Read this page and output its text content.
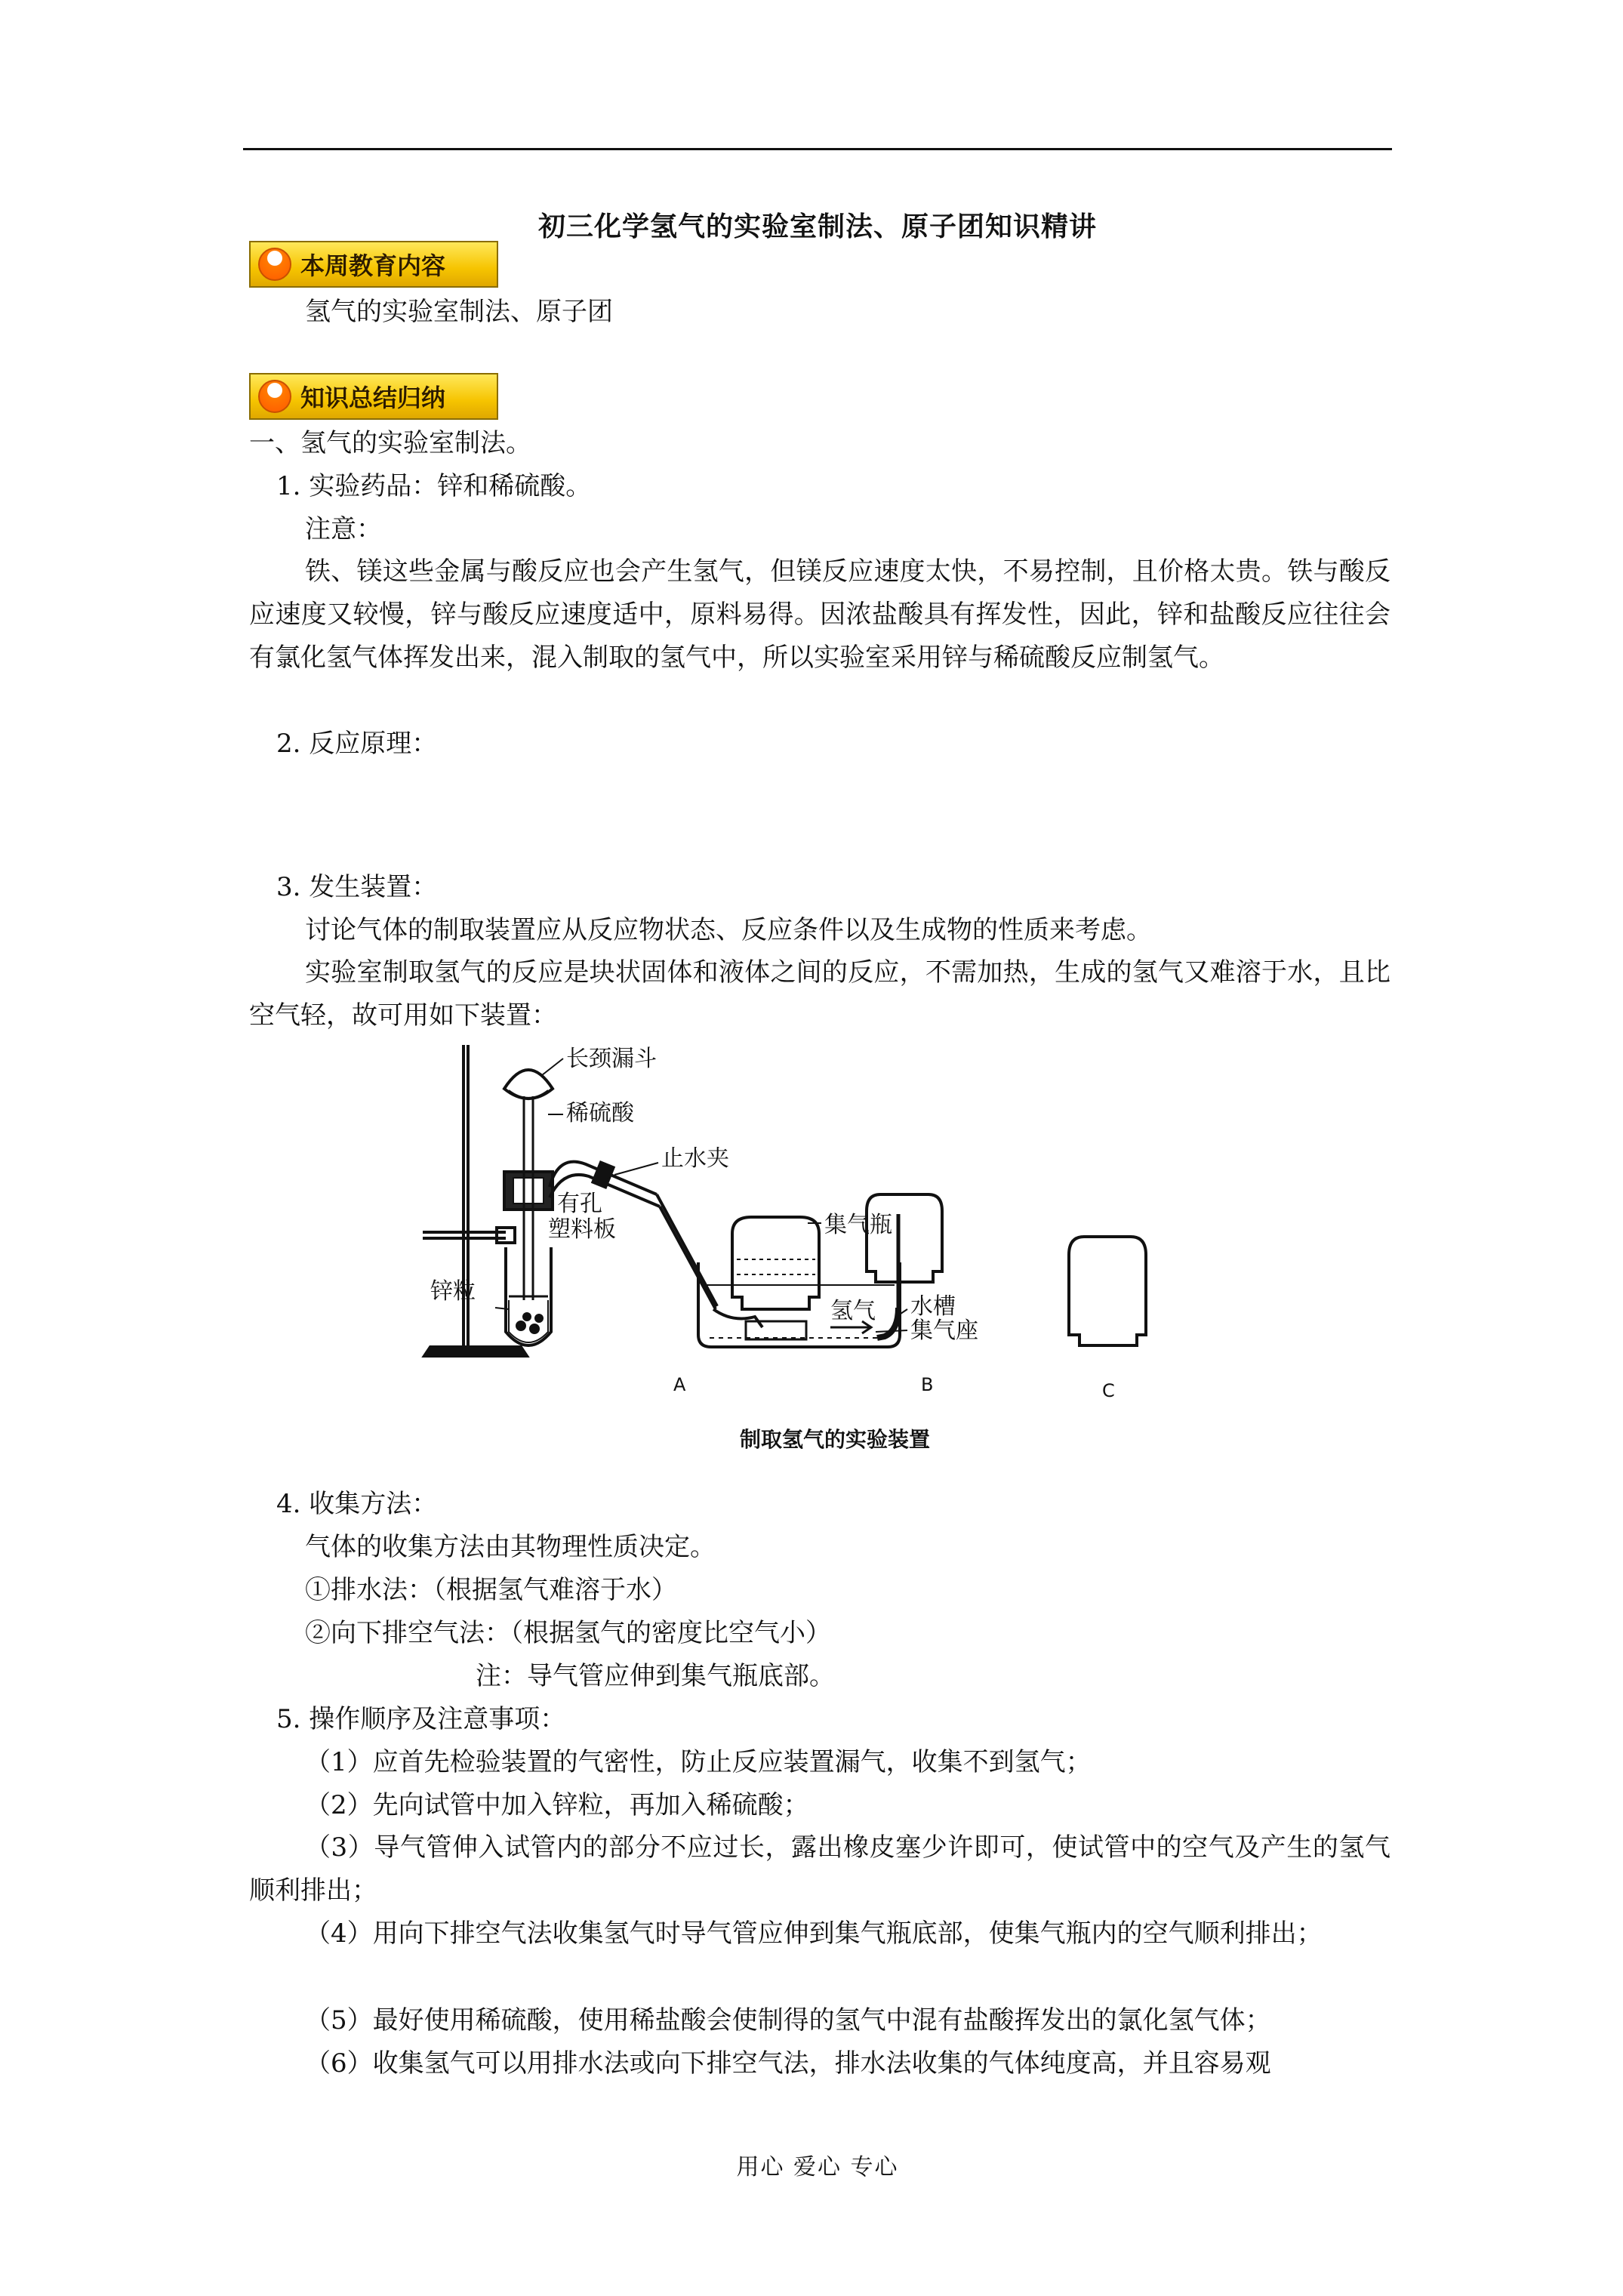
初三化学氢气的实验室制法、原子团知识精讲
本周教育内容
氢气的实验室制法、原子团
知识总结归纳
一、氢气的实验室制法。
1. 实验药品：锌和稀硫酸。
注意：
铁、镁这些金属与酸反应也会产生氢气，但镁反应速度太快，不易控制，且价格太贵。铁与酸反应速度又较慢，锌与酸反应速度适中，原料易得。因浓盐酸具有挥发性，因此，锌和盐酸反应往往会有氯化氢气体挥发出来，混入制取的氢气中，所以实验室采用锌与稀硫酸反应制氢气。
2. 反应原理：
3. 发生装置：
讨论气体的制取装置应从反应物状态、反应条件以及生成物的性质来考虑。
实验室制取氢气的反应是块状固体和液体之间的反应，不需加热，生成的氢气又难溶于水，且比空气轻，故可用如下装置：
长颈漏斗
稀硫酸
止水夹
有孔
塑料板
锌粒
集气瓶
水槽
集气座
氢气
A	B	C
制取氢气的实验装置
4. 收集方法：
气体的收集方法由其物理性质决定。
①排水法：（根据氢气难溶于水）
②向下排空气法：（根据氢气的密度比空气小）
注：导气管应伸到集气瓶底部。
5. 操作顺序及注意事项：
（1）应首先检验装置的气密性，防止反应装置漏气，收集不到氢气；
（2）先向试管中加入锌粒，再加入稀硫酸；
（3）导气管伸入试管内的部分不应过长，露出橡皮塞少许即可，使试管中的空气及产生的氢气顺利排出；
（4）用向下排空气法收集氢气时导气管应伸到集气瓶底部，使集气瓶内的空气顺利排出；
（5）最好使用稀硫酸，使用稀盐酸会使制得的氢气中混有盐酸挥发出的氯化氢气体；
（6）收集氢气可以用排水法或向下排空气法，排水法收集的气体纯度高，并且容易观
用心 爱心 专心
